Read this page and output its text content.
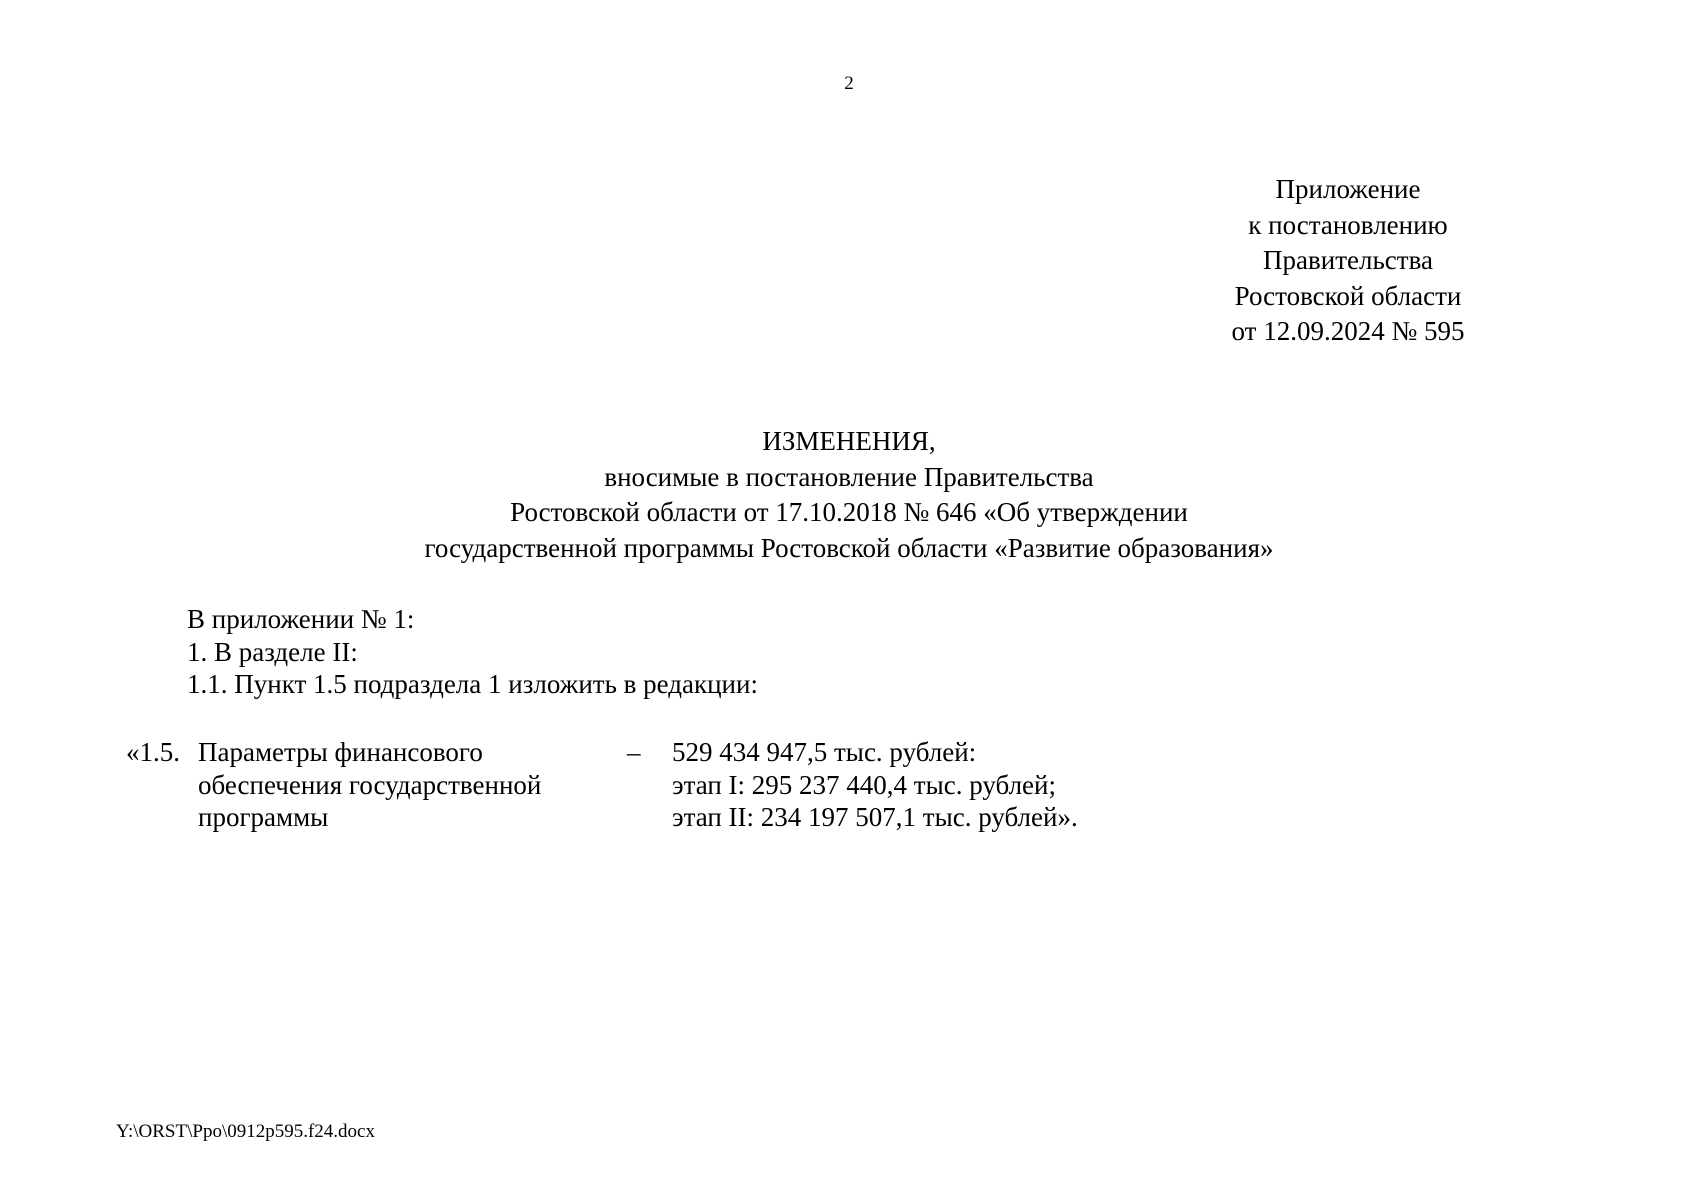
2
Приложение
к постановлению
Правительства
Ростовской области
от 12.09.2024 № 595
ИЗМЕНЕНИЯ,
вносимые в постановление Правительства
Ростовской области от 17.10.2018 № 646 «Об утверждении
государственной программы Ростовской области «Развитие образования»
В приложении № 1:
1. В разделе II:
1.1. Пункт 1.5 подраздела 1 изложить в редакции:
«1.5. Параметры финансового
обеспечения государственной
программы
– 529 434 947,5 тыс. рублей:
этап I: 295 237 440,4 тыс. рублей;
этап II: 234 197 507,1 тыс. рублей».
Y:\ORST\Ppo\0912p595.f24.docx
